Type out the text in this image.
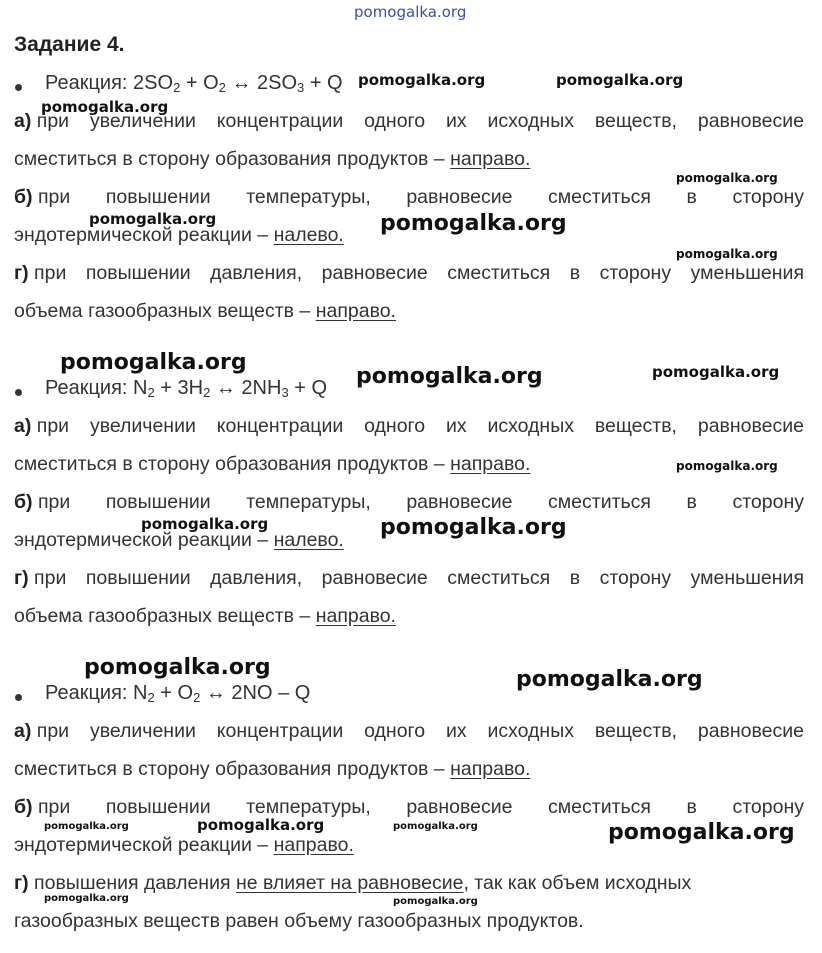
pomogalka.org
Задание 4.
Реакция: $2SO_2 + O_2$ ↔ $2SO_3 + Q$
а) при увеличении концентрации одного их исходных веществ, равновесие
сместиться в сторону образования продуктов – направо.
б) при повышении температуры, равновесие сместиться в сторону
эндотермической реакции – налево.
г) при повышении давления, равновесие сместиться в сторону уменьшения
объема газообразных веществ – направо.
Реакция: $N_2 + 3H_2$ ↔ $2NH_3 + Q$
а) при увеличении концентрации одного их исходных веществ, равновесие
сместиться в сторону образования продуктов – направо.
б) при повышении температуры, равновесие сместиться в сторону
эндотермической реакции – налево.
г) при повышении давления, равновесие сместиться в сторону уменьшения
объема газообразных веществ – направо.
Реакция: $N_2 + O_2$ ↔ 2NO – Q
а) при увеличении концентрации одного их исходных веществ, равновесие
сместиться в сторону образования продуктов – направо.
б) при повышении температуры, равновесие сместиться в сторону
эндотермической реакции – направо.
г) повышения давления не влияет на равновесие, так как объем исходных
газообразных веществ равен объему газообразных продуктов.
pomogalka.org	pomogalka.org
pomogalka.org
pomogalka.org
pomogalka.org	pomogalka.org
pomogalka.org
pomogalka.org
pomogalka.org	pomogalka.org
pomogalka.org
pomogalka.org	pomogalka.org
pomogalka.org	pomogalka.org
pomogalka.org	pomogalka.org	pomogalka.org	pomogalka.org
pomogalka.org	pomogalka.org
